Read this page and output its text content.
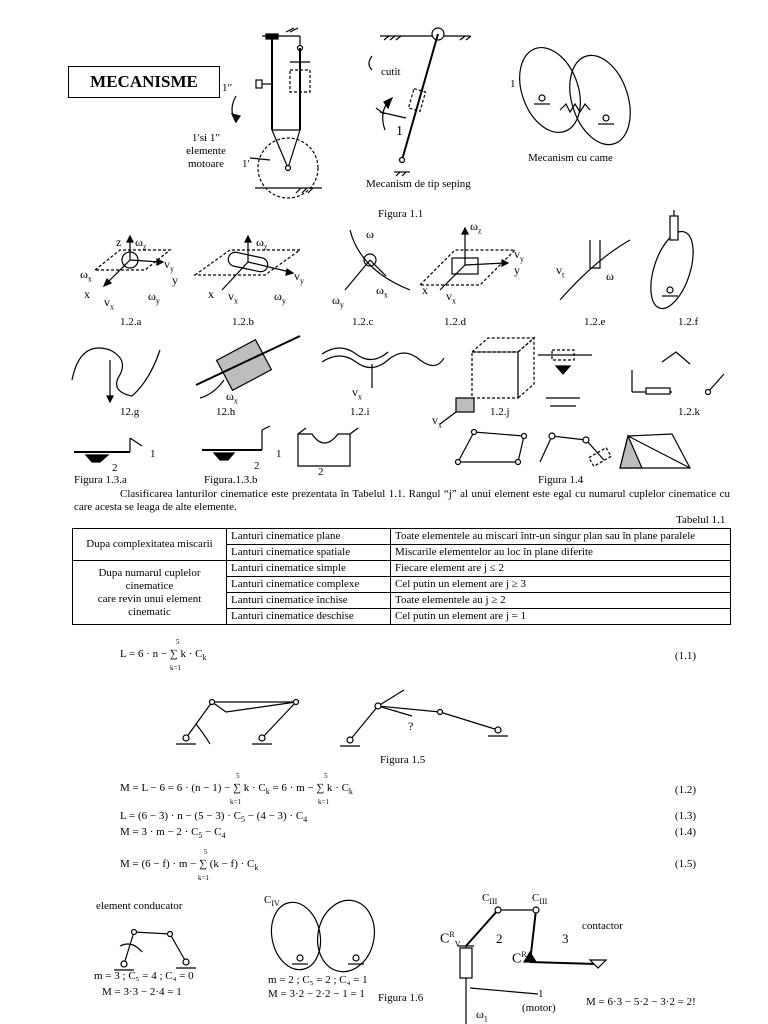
MECANISME	1′′
1′si 1′′
elemente
motoare	1′
cutit
1
Mecanism de tip seping
1
Mecanism cu came
Figura 1.1
z $\omega_z$
$v_y$
y
$\omega_x$
x
$v_x$
$\omega_y$
$\omega_z$
$v_y$
x $v_x$	$\omega_y$
ω
$\omega_y$
$\omega_x$
$\omega_z$
$v_y$
y
x $v_x$
$v_t$	ω
1.2.a	1.2.b	1.2.c	1.2.d	1.2.e	1.2.f
$\omega_x$
$v_x$
$v_x$
12.g	12.h	1.2.i	1.2.j	1.2.k
1
2
1
2	2
Figura 1.3.a	Figura.1.3.b	Figura 1.4
Clasificarea lanturilor cinematice este prezentata în Tabelul 1.1. Rangul “j” al unui element este egal cu numarul cuplelor cinematice cu care acesta se leaga de alte elemente.
Tabelul 1.1
Dupa complexitatea miscarii	Lanturi cinematice plane	Toate elementele au miscari într-un singur plan sau în plane paralele
	Lanturi cinematice spatiale	Miscarile elementelor au loc în plane diferite

Dupa numarul cuplelor
cinematice
care revin unui element
cinematic	Lanturi cinematice simple	Fiecare element are j ≤ 2
	Lanturi cinematice complexe	Cel putin un element are j ≥ 3
	Lanturi cinematice închise	Toate elementele au j ≥ 2
	Lanturi cinematice deschise	Cel putin un element are j = 1
L = 6 · n − ∑ $k \cdot C_k$
5
k=1
(1.1)
?
Figura 1.5
M = L − 6 = 6 · (n − 1) − ∑ $k \cdot C_k = 6 \cdot m$ − ∑ $k \cdot C_k$
5
k=1
5
k=1
(1.2)
$L = (6 - 3) \cdot n - (5 - 3) \cdot C_5 - (4 - 3) \cdot C_4$	(1.3)
$M = 3 \cdot m - 2 \cdot C_5 - C_4$	(1.4)
M = (6 − f) · m − ∑ $(k - f) \cdot C_k$
5
k=1
(1.5)
element conducator
m = 3 ; C₅ = 4 ; C₄ = 0
M = 3·3 − 2·4 = 1
$C_{IV}$
m = 2 ; C₅ = 2 ; C₄ = 1
M = 3·2 − 2·2 − 1 = 1 Figura 1.6
$C_{III}$	$C_{III}$
$C^R_V$
$C^R$
2	3
contactor
1
(motor)
$\omega_1$
M = 6·3 − 5·2 − 3·2 = 2!
